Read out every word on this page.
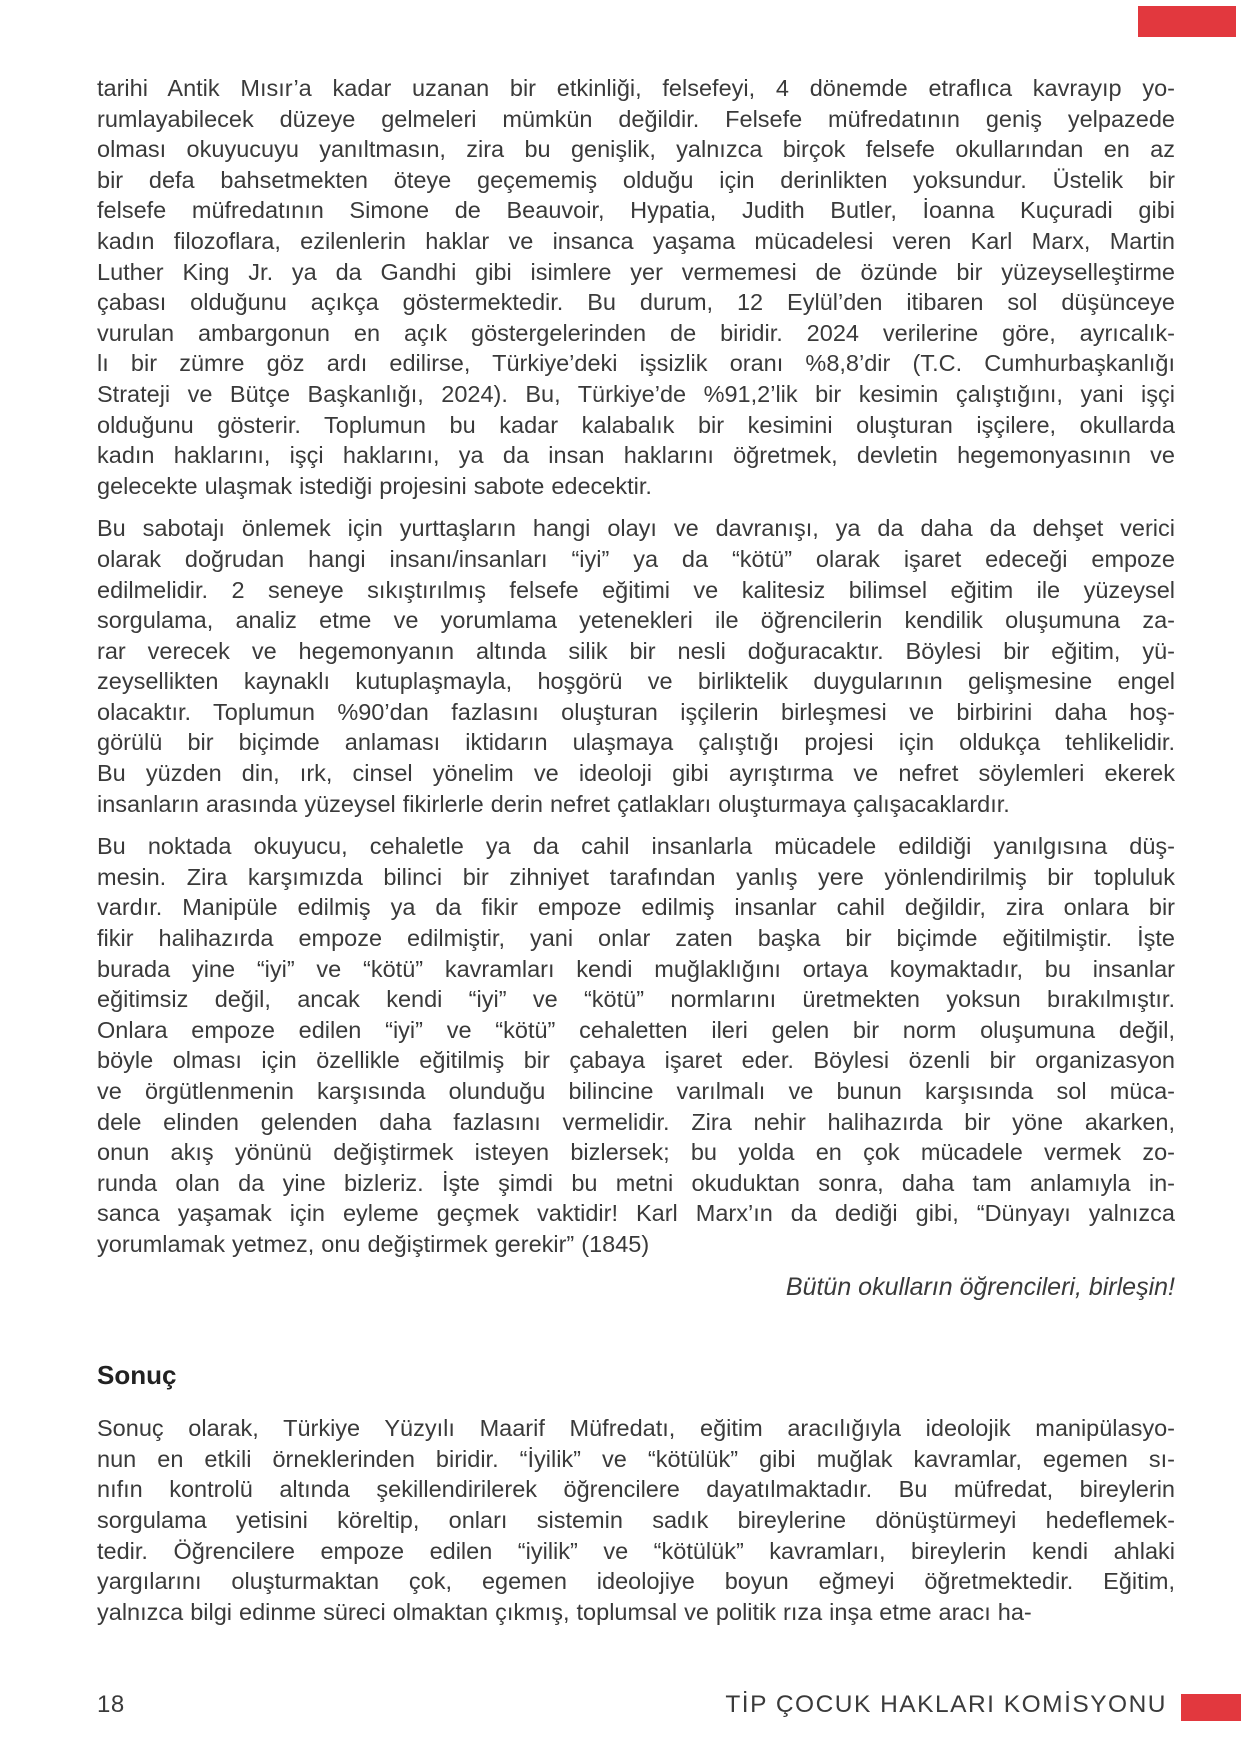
tarihi Antik Mısır’a kadar uzanan bir etkinliği, felsefeyi, 4 dönemde etraflıca kavrayıp yo-
rumlayabilecek düzeye gelmeleri mümkün değildir. Felsefe müfredatının geniş yelpazede
olması okuyucuyu yanıltmasın, zira bu genişlik, yalnızca birçok felsefe okullarından en az
bir defa bahsetmekten öteye geçememiş olduğu için derinlikten yoksundur. Üstelik bir
felsefe müfredatının Simone de Beauvoir, Hypatia, Judith Butler, İoanna Kuçuradi gibi
kadın filozoflara, ezilenlerin haklar ve insanca yaşama mücadelesi veren Karl Marx, Martin
Luther King Jr. ya da Gandhi gibi isimlere yer vermemesi de özünde bir yüzeyselleştirme
çabası olduğunu açıkça göstermektedir. Bu durum, 12 Eylül’den itibaren sol düşünceye
vurulan ambargonun en açık göstergelerinden de biridir. 2024 verilerine göre, ayrıcalık-
lı bir zümre göz ardı edilirse, Türkiye’deki işsizlik oranı %8,8’dir (T.C. Cumhurbaşkanlığı
Strateji ve Bütçe Başkanlığı, 2024). Bu, Türkiye’de %91,2’lik bir kesimin çalıştığını, yani işçi
olduğunu gösterir. Toplumun bu kadar kalabalık bir kesimini oluşturan işçilere, okullarda
kadın haklarını, işçi haklarını, ya da insan haklarını öğretmek, devletin hegemonyasının ve
gelecekte ulaşmak istediği projesini sabote edecektir.
Bu sabotajı önlemek için yurttaşların hangi olayı ve davranışı, ya da daha da dehşet verici
olarak doğrudan hangi insanı/insanları “iyi” ya da “kötü” olarak işaret edeceği empoze
edilmelidir. 2 seneye sıkıştırılmış felsefe eğitimi ve kalitesiz bilimsel eğitim ile yüzeysel
sorgulama, analiz etme ve yorumlama yetenekleri ile öğrencilerin kendilik oluşumuna za-
rar verecek ve hegemonyanın altında silik bir nesli doğuracaktır. Böylesi bir eğitim, yü-
zeysellikten kaynaklı kutuplaşmayla, hoşgörü ve birliktelik duygularının gelişmesine engel
olacaktır. Toplumun %90’dan fazlasını oluşturan işçilerin birleşmesi ve birbirini daha hoş-
görülü bir biçimde anlaması iktidarın ulaşmaya çalıştığı projesi için oldukça tehlikelidir.
Bu yüzden din, ırk, cinsel yönelim ve ideoloji gibi ayrıştırma ve nefret söylemleri ekerek
insanların arasında yüzeysel fikirlerle derin nefret çatlakları oluşturmaya çalışacaklardır.
Bu noktada okuyucu, cehaletle ya da cahil insanlarla mücadele edildiği yanılgısına düş-
mesin. Zira karşımızda bilinci bir zihniyet tarafından yanlış yere yönlendirilmiş bir topluluk
vardır. Manipüle edilmiş ya da fikir empoze edilmiş insanlar cahil değildir, zira onlara bir
fikir halihazırda empoze edilmiştir, yani onlar zaten başka bir biçimde eğitilmiştir. İşte
burada yine “iyi” ve “kötü” kavramları kendi muğlaklığını ortaya koymaktadır, bu insanlar
eğitimsiz değil, ancak kendi “iyi” ve “kötü” normlarını üretmekten yoksun bırakılmıştır.
Onlara empoze edilen “iyi” ve “kötü” cehaletten ileri gelen bir norm oluşumuna değil,
böyle olması için özellikle eğitilmiş bir çabaya işaret eder. Böylesi özenli bir organizasyon
ve örgütlenmenin karşısında olunduğu bilincine varılmalı ve bunun karşısında sol müca-
dele elinden gelenden daha fazlasını vermelidir. Zira nehir halihazırda bir yöne akarken,
onun akış yönünü değiştirmek isteyen bizlersek; bu yolda en çok mücadele vermek zo-
runda olan da yine bizleriz. İşte şimdi bu metni okuduktan sonra, daha tam anlamıyla in-
sanca yaşamak için eyleme geçmek vaktidir! Karl Marx’ın da dediği gibi, “Dünyayı yalnızca
yorumlamak yetmez, onu değiştirmek gerekir” (1845)

Bütün okulların öğrencileri, birleşin!

Sonuç
Sonuç olarak, Türkiye Yüzyılı Maarif Müfredatı, eğitim aracılığıyla ideolojik manipülasyo-
nun en etkili örneklerinden biridir. “İyilik” ve “kötülük” gibi muğlak kavramlar, egemen sı-
nıfın kontrolü altında şekillendirilerek öğrencilere dayatılmaktadır. Bu müfredat, bireylerin
sorgulama yetisini köreltip, onları sistemin sadık bireylerine dönüştürmeyi hedeflemek-
tedir. Öğrencilere empoze edilen “iyilik” ve “kötülük” kavramları, bireylerin kendi ahlaki
yargılarını oluşturmaktan çok, egemen ideolojiye boyun eğmeyi öğretmektedir. Eğitim,
yalnızca bilgi edinme süreci olmaktan çıkmış, toplumsal ve politik rıza inşa etme aracı ha-
18	TİP ÇOCUK HAKLARI KOMİSYONU
